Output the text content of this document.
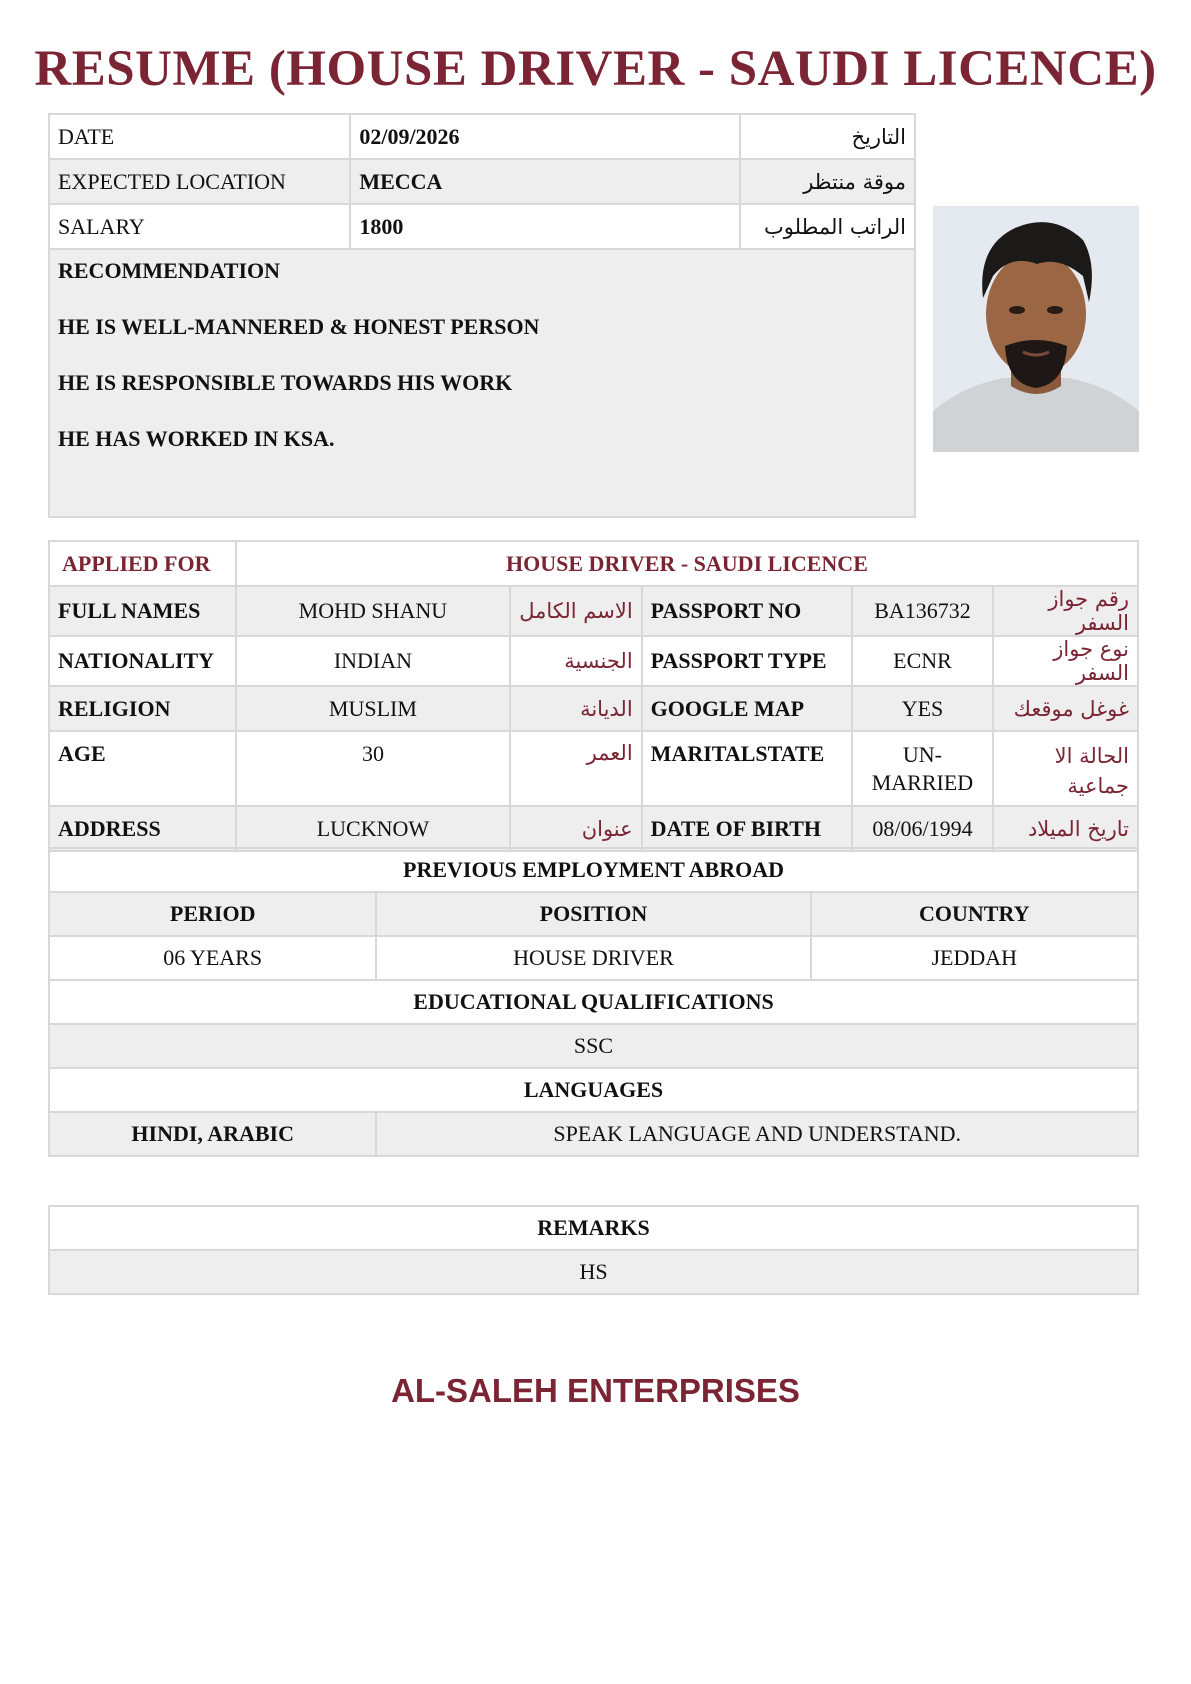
RESUME (HOUSE DRIVER - SAUDI LICENCE)
DATE	02/09/2026	التاريخ
EXPECTED LOCATION	MECCA	موقة منتظر
SALARY	1800	الراتب المطلوب

RECOMMENDATION
HE IS WELL-MANNERED & HONEST PERSON
HE IS RESPONSIBLE TOWARDS HIS WORK
HE HAS WORKED IN KSA.		
APPLIED FOR	HOUSE DRIVER - SAUDI LICENCE				
FULL NAMES	MOHD SHANU	الاسم الكامل	PASSPORT NO	BA136732	رقم جواز السفر
NATIONALITY	INDIAN	الجنسية	PASSPORT TYPE	ECNR	نوع جواز السفر
RELIGION	MUSLIM	الديانة	GOOGLE MAP	YES	غوغل موقعك
AGE	30	العمر	MARITALSTATE	UN-MARRIED	الحالة الا جماعية
ADDRESS	LUCKNOW	عنوان	DATE OF BIRTH	08/06/1994	تاريخ الميلاد
PREVIOUS EMPLOYMENT ABROAD		
PERIOD	POSITION	COUNTRY
06 YEARS	HOUSE DRIVER	JEDDAH
EDUCATIONAL QUALIFICATIONS		
SSC		
LANGUAGES		
HINDI, ARABIC	SPEAK LANGUAGE AND UNDERSTAND.	
REMARKS
HS
AL-SALEH ENTERPRISES
